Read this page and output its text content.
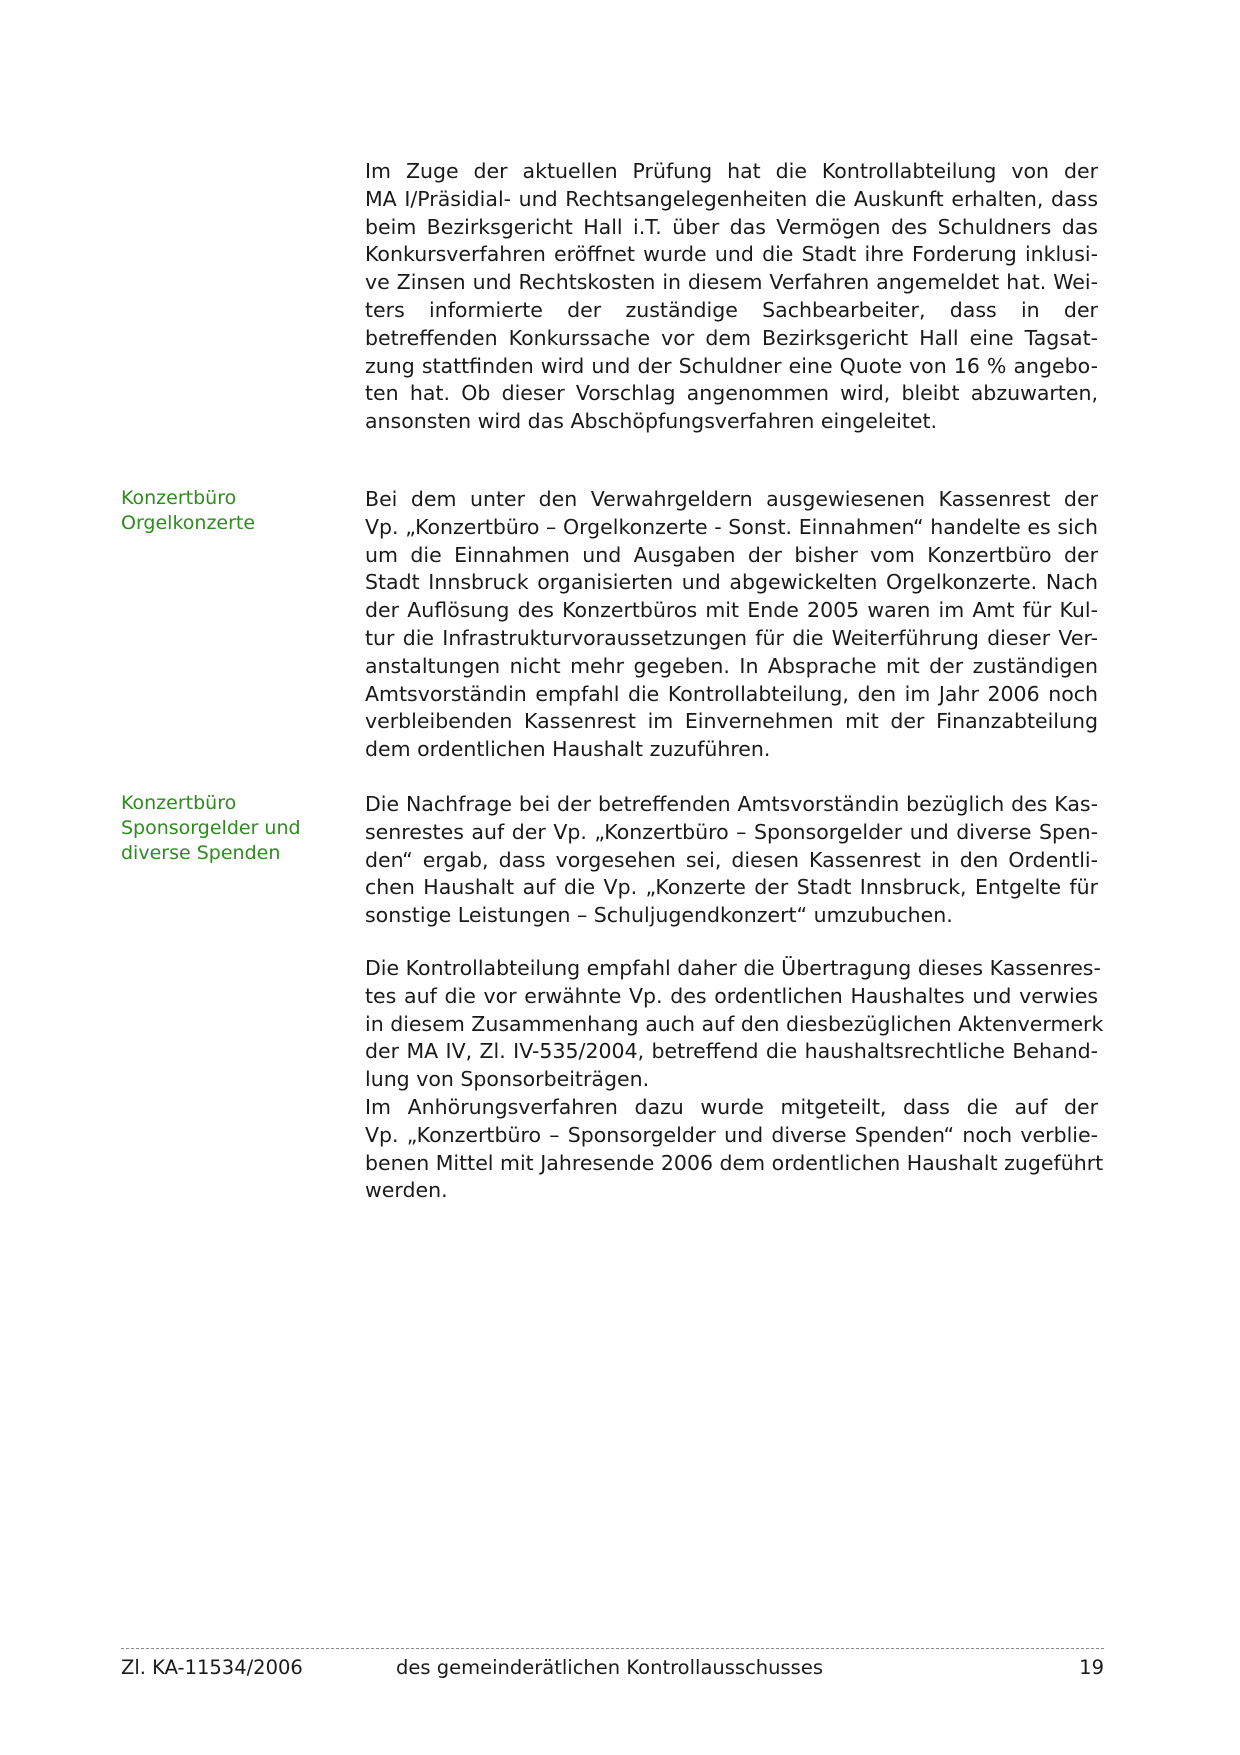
Im Zuge der aktuellen Prüfung hat die Kontrollabteilung von der
MA I/Präsidial- und Rechtsangelegenheiten die Auskunft erhalten, dass
beim Bezirksgericht Hall i.T. über das Vermögen des Schuldners das
Konkursverfahren eröffnet wurde und die Stadt ihre Forderung inklusi-
ve Zinsen und Rechtskosten in diesem Verfahren angemeldet hat. Wei-
ters informierte der zuständige Sachbearbeiter, dass in der
betreffenden Konkurssache vor dem Bezirksgericht Hall eine Tagsat-
zung stattfinden wird und der Schuldner eine Quote von 16 % angebo-
ten hat. Ob dieser Vorschlag angenommen wird, bleibt abzuwarten,
ansonsten wird das Abschöpfungsverfahren eingeleitet.
Konzertbüro
Orgelkonzerte
Bei dem unter den Verwahrgeldern ausgewiesenen Kassenrest der
Vp. „Konzertbüro – Orgelkonzerte - Sonst. Einnahmen“ handelte es sich
um die Einnahmen und Ausgaben der bisher vom Konzertbüro der
Stadt Innsbruck organisierten und abgewickelten Orgelkonzerte. Nach
der Auflösung des Konzertbüros mit Ende 2005 waren im Amt für Kul-
tur die Infrastrukturvoraussetzungen für die Weiterführung dieser Ver-
anstaltungen nicht mehr gegeben. In Absprache mit der zuständigen
Amtsvorständin empfahl die Kontrollabteilung, den im Jahr 2006 noch
verbleibenden Kassenrest im Einvernehmen mit der Finanzabteilung
dem ordentlichen Haushalt zuzuführen.
Konzertbüro
Sponsorgelder und
diverse Spenden
Die Nachfrage bei der betreffenden Amtsvorständin bezüglich des Kas-
senrestes auf der Vp. „Konzertbüro – Sponsorgelder und diverse Spen-
den“ ergab, dass vorgesehen sei, diesen Kassenrest in den Ordentli-
chen Haushalt auf die Vp. „Konzerte der Stadt Innsbruck, Entgelte für
sonstige Leistungen – Schuljugendkonzert“ umzubuchen.
Die Kontrollabteilung empfahl daher die Übertragung dieses Kassenres-
tes auf die vor erwähnte Vp. des ordentlichen Haushaltes und verwies
in diesem Zusammenhang auch auf den diesbezüglichen Aktenvermerk
der MA IV, Zl. IV-535/2004, betreffend die haushaltsrechtliche Behand-
lung von Sponsorbeiträgen.
Im Anhörungsverfahren dazu wurde mitgeteilt, dass die auf der
Vp. „Konzertbüro – Sponsorgelder und diverse Spenden“ noch verblie-
benen Mittel mit Jahresende 2006 dem ordentlichen Haushalt zugeführt
werden.
Zl. KA-11534/2006	des gemeinderätlichen Kontrollausschusses	19
